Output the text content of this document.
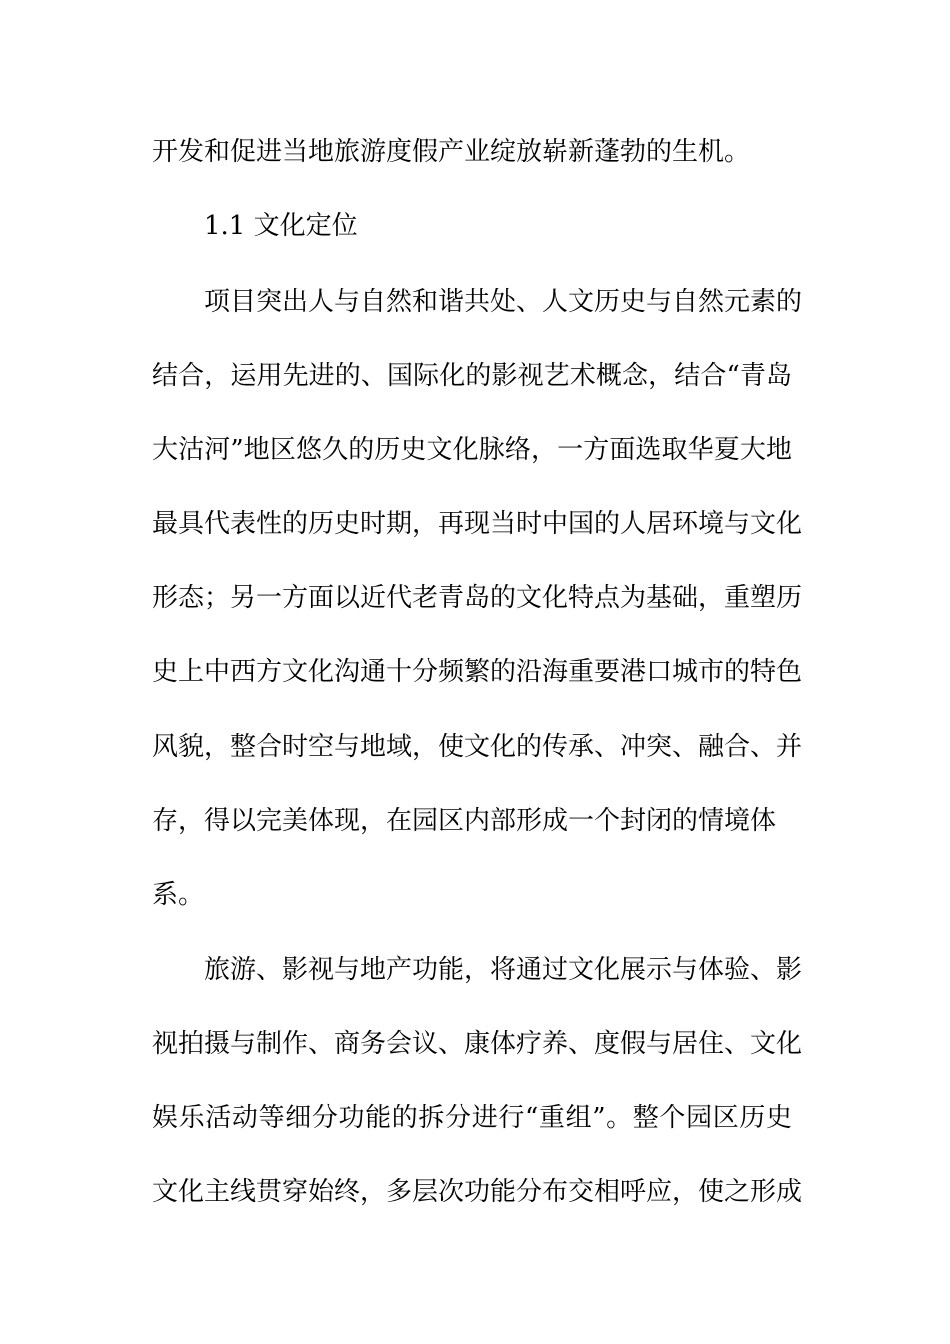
开发和促进当地旅游度假产业绽放崭新蓬勃的生机。
1.1 文化定位
项目突出人与自然和谐共处、人文历史与自然元素的
结合，运用先进的、国际化的影视艺术概念，结合“青岛
大沽河”地区悠久的历史文化脉络，一方面选取华夏大地
最具代表性的历史时期，再现当时中国的人居环境与文化
形态；另一方面以近代老青岛的文化特点为基础，重塑历
史上中西方文化沟通十分频繁的沿海重要港口城市的特色
风貌，整合时空与地域，使文化的传承、冲突、融合、并
存，得以完美体现，在园区内部形成一个封闭的情境体
系。
旅游、影视与地产功能，将通过文化展示与体验、影
视拍摄与制作、商务会议、康体疗养、度假与居住、文化
娱乐活动等细分功能的拆分进行“重组”。整个园区历史
文化主线贯穿始终，多层次功能分布交相呼应，使之形成
